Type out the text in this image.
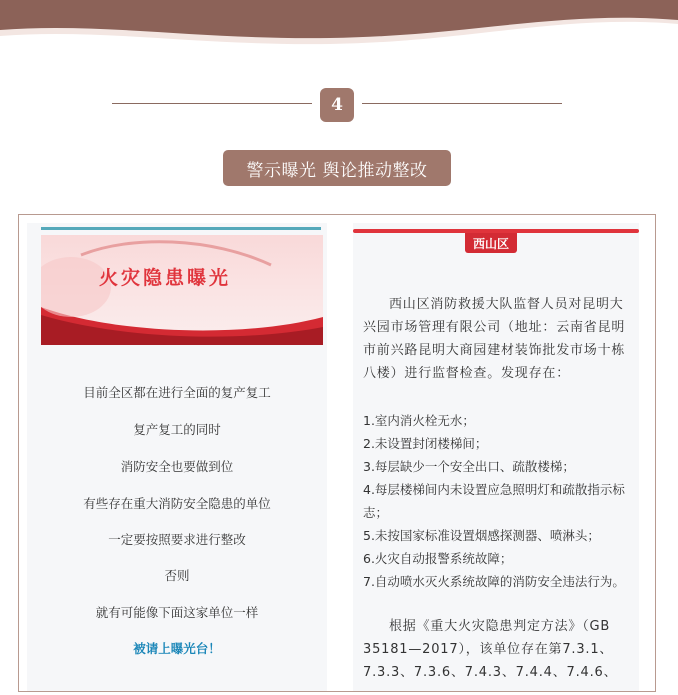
4
警示曝光 舆论推动整改
火灾隐患曝光
目前全区都在进行全面的复产复工
复产复工的同时
消防安全也要做到位
有些存在重大消防安全隐患的单位
一定要按照要求进行整改
否则
就有可能像下面这家单位一样
被请上曝光台！
西山区
西山区消防救援大队监督人员对昆明大兴园市场管理有限公司（地址：云南省昆明市前兴路昆明大商园建材装饰批发市场十栋八楼）进行监督检查。发现存在：
1.室内消火栓无水；
2.未设置封闭楼梯间；
3.每层缺少一个安全出口、疏散楼梯；
4.每层楼梯间内未设置应急照明灯和疏散指示标志；
5.未按国家标准设置烟感探测器、喷淋头；
6.火灾自动报警系统故障；
7.自动喷水灭火系统故障的消防安全违法行为。
根据《重大火灾隐患判定方法》（GB 35181—2017），该单位存在第7.3.1、7.3.3、7.3.6、7.4.3、7.4.4、7.4.6、
